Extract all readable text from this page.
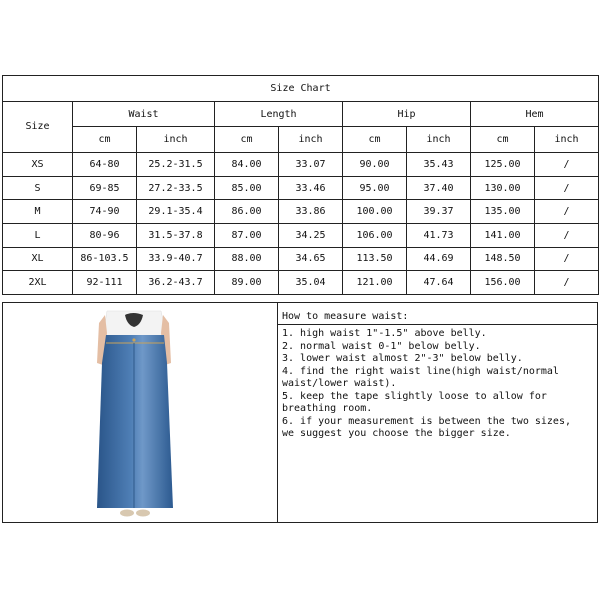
Size Chart								
Size	Waist		Length		Hip		Hem	
	cm	inch	cm	inch	cm	inch	cm	inch
XS	64-80	25.2-31.5	84.00	33.07	90.00	35.43	125.00	/
S	69-85	27.2-33.5	85.00	33.46	95.00	37.40	130.00	/
M	74-90	29.1-35.4	86.00	33.86	100.00	39.37	135.00	/
L	80-96	31.5-37.8	87.00	34.25	106.00	41.73	141.00	/
XL	86-103.5	33.9-40.7	88.00	34.65	113.50	44.69	148.50	/
2XL	92-111	36.2-43.7	89.00	35.04	121.00	47.64	156.00	/
How to measure waist:
1. high waist 1"-1.5" above belly.
2. normal waist 0-1" below belly.
3. lower waist almost 2"-3" below belly.
4. find the right waist line(high waist/normal waist/lower waist).
5. keep the tape slightly loose to allow for breathing room.
6. if your measurement is between the two sizes, we suggest you choose the bigger size.
